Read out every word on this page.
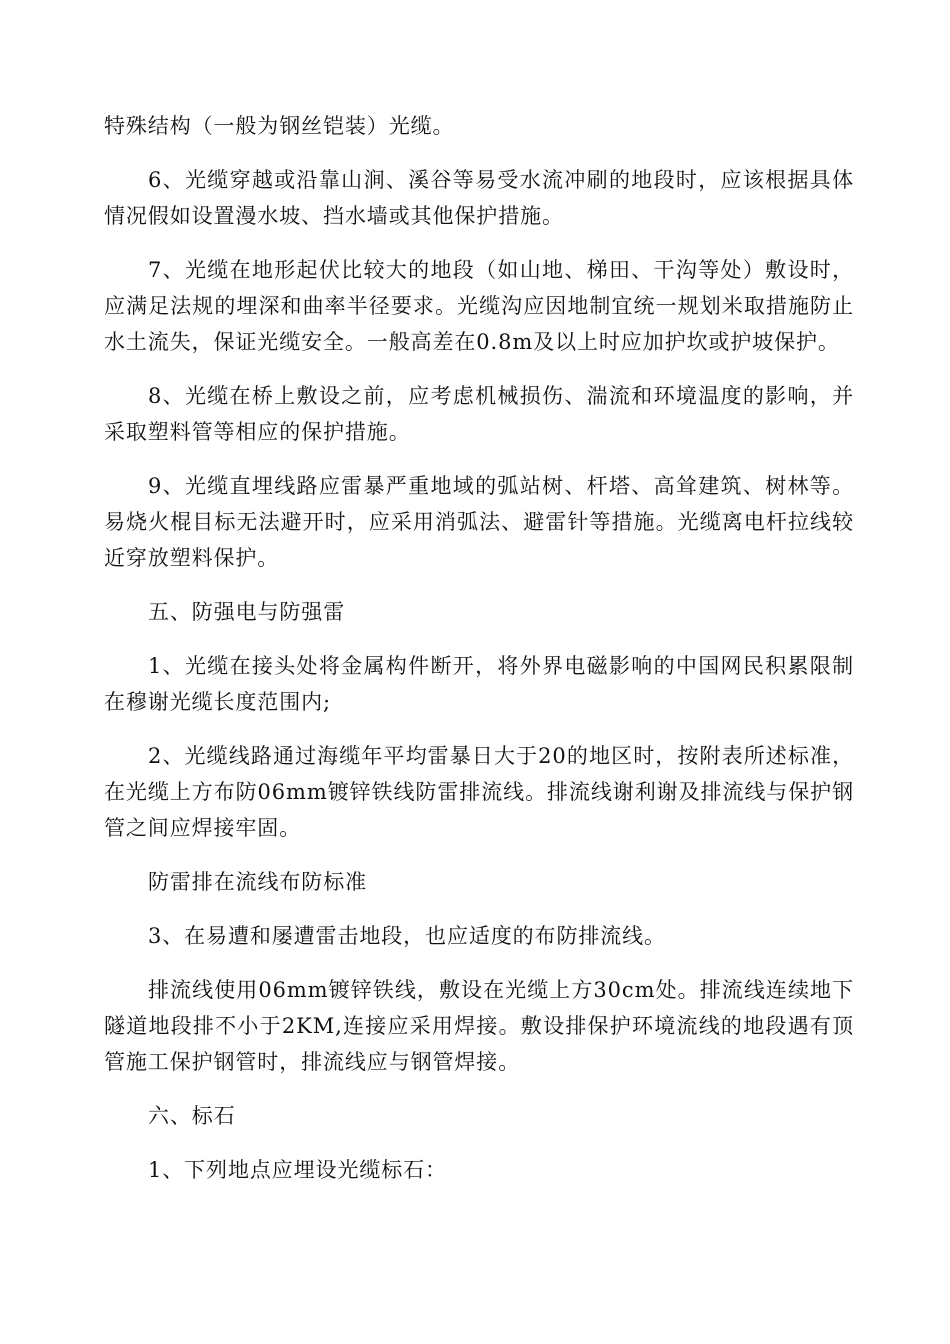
特殊结构（一般为钢丝铠装）光缆。

6、光缆穿越或沿靠山涧、溪谷等易受水流冲刷的地段时，应该根据具体情况假如设置漫水坡、挡水墙或其他保护措施。

7、光缆在地形起伏比较大的地段（如山地、梯田、干沟等处）敷设时，应满足法规的埋深和曲率半径要求。光缆沟应因地制宜统一规划米取措施防止水土流失，保证光缆安全。一般高差在0.8m及以上时应加护坎或护坡保护。

8、光缆在桥上敷设之前，应考虑机械损伤、湍流和环境温度的影响，并采取塑料管等相应的保护措施。

9、光缆直埋线路应雷暴严重地域的弧站树、杆塔、高耸建筑、树林等。易烧火棍目标无法避开时，应采用消弧法、避雷针等措施。光缆离电杆拉线较近穿放塑料保护。

五、防强电与防强雷

1、光缆在接头处将金属构件断开，将外界电磁影响的中国网民积累限制在穆谢光缆长度范围内;

2、光缆线路通过海缆年平均雷暴日大于20的地区时，按附表所述标准，在光缆上方布防06mm镀锌铁线防雷排流线。排流线谢利谢及排流线与保护钢管之间应焊接牢固。

防雷排在流线布防标准

3、在易遭和屡遭雷击地段，也应适度的布防排流线。

排流线使用06mm镀锌铁线，敷设在光缆上方30cm处。排流线连续地下隧道地段排不小于2KM,连接应采用焊接。敷设排保护环境流线的地段遇有顶管施工保护钢管时，排流线应与钢管焊接。

六、标石

1、下列地点应埋设光缆标石：
